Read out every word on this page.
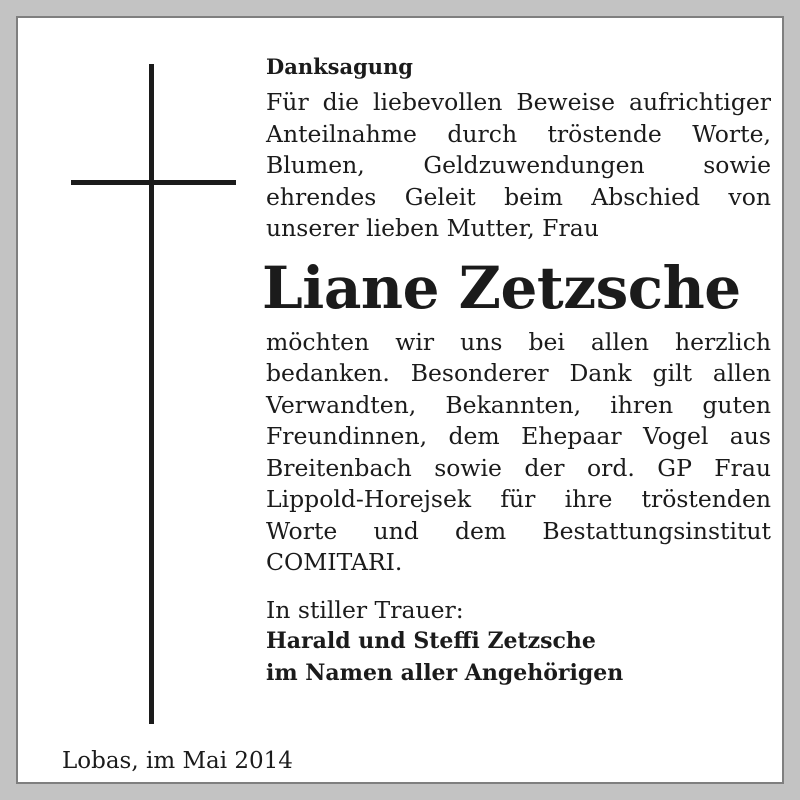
Danksagung

Für die liebevollen Beweise aufrichtiger Anteilnahme durch tröstende Worte, Blumen, Geldzuwendungen sowie ehrendes Geleit beim Abschied von unserer lieben Mutter, Frau

Liane Zetzsche

möchten wir uns bei allen herzlich bedanken. Besonderer Dank gilt allen Verwandten, Bekannten, ihren guten Freundinnen, dem Ehepaar Vogel aus Breitenbach sowie der ord. GP Frau Lippold-Horejsek für ihre tröstenden Worte und dem Bestattungsinstitut COMITARI.

In stiller Trauer:
Harald und Steffi Zetzsche
im Namen aller Angehörigen
Lobas, im Mai 2014
